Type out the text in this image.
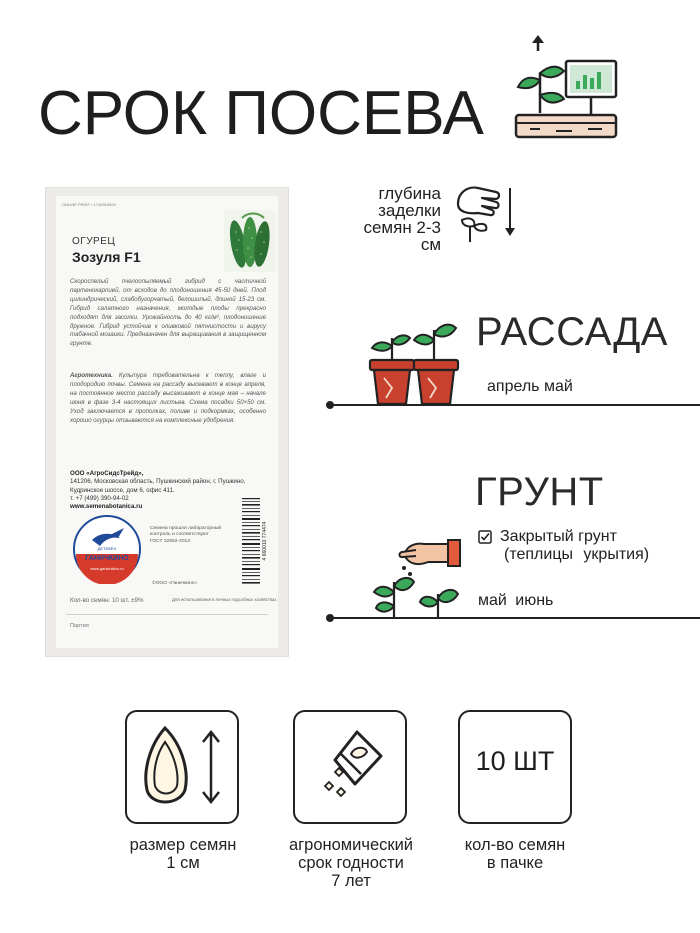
СРОК ПОСЕВА
ONLINE PRINT • 1740910000
ОГУРЕЦ
Зозуля F1
Скороспелый пчелоопыляемый гибрид с частичной партенокарпией, от всходов до плодоношения 45-50 дней. Плод цилиндрический, слабобугорчатый, белошипый, длиной 15-23 см. Гибрид салатного назначения, молодые плоды прекрасно подходят для засолки. Урожайность до 40 кг/м², плодоношение дружное. Гибрид устойчив к оливковой пятнистости и вирусу табачной мозаики. Предназначен для выращивания в защищенном грунте.
Агротехника. Культура требовательна к теплу, влаге и плодородию почвы. Семена на рассаду высевают в конце апреля, на постоянное место рассаду высаживают в конце мая – начале июня в фазе 3-4 настоящих листьев. Схема посадки 50×50 см. Уход заключается в прополках, поливе и подкормках, особенно хорошо огурцы отзываются на комплексные удобрения.
ООО «АгроСидсТрейд»,
141206, Московская область, Пушкинский район, г. Пушкино, Кудринское шоссе, дом 6, офис 411.
т. +7 (499) 390-94-02
www.semenabotanica.ru
ДЕТЕВЕН
ГАНИЧКИНО
www.ganichkino.ru
Семена прошли лабораторный контроль и соответствуют ГОСТ 32592-2013
©ООО «Ганичкино»
4 660010 774474
Кол-во семян: 10 шт. ±9%	Для использования в личных подсобных хозяйствах
Партия
глубина заделки семян 2-3 см
РАССАДА
апрель май
ГРУНТ
Закрытый грунт
(теплицы укрытия)
май июнь
10 ШТ
размер семян
1 см
агрономический
срок годности
7 лет
кол-во семян
в пачке
